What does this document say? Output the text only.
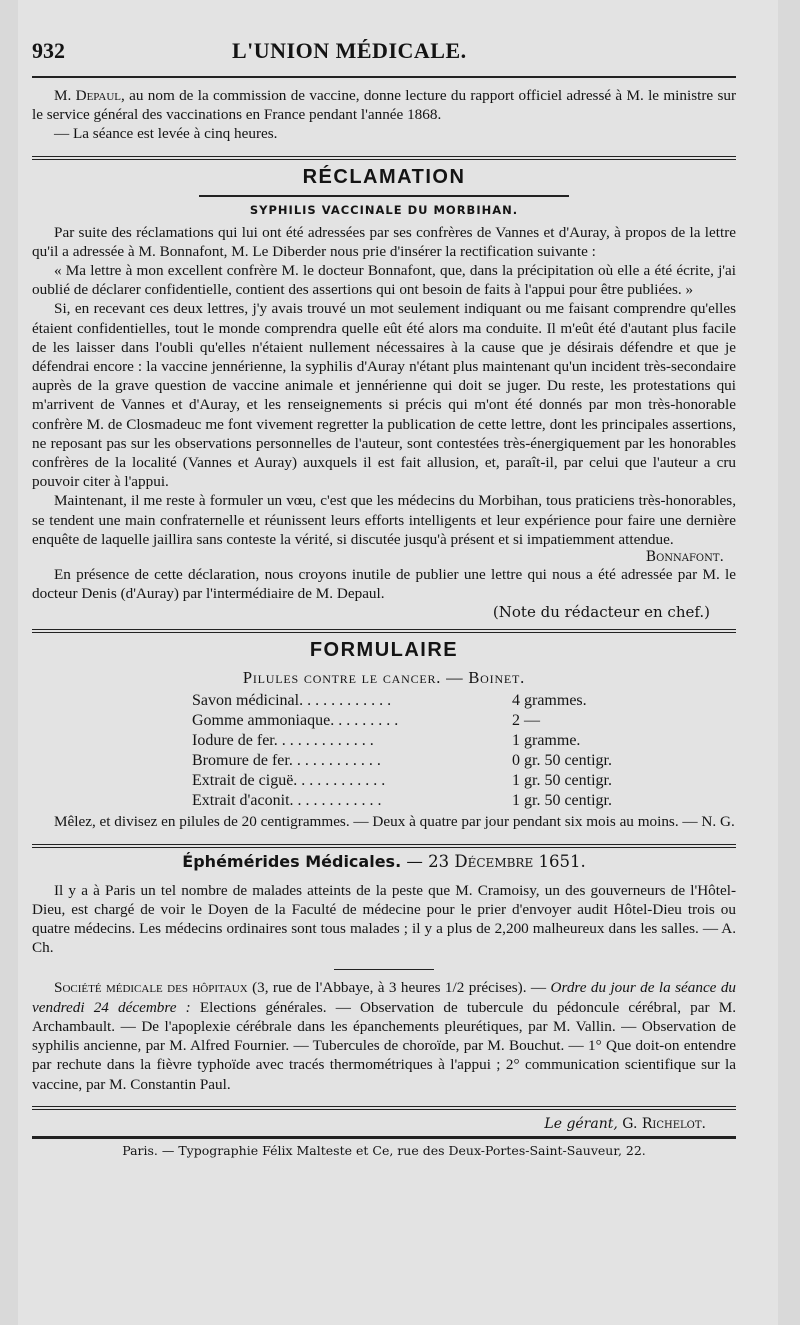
932	L'UNION MÉDICALE.

M. Depaul, au nom de la commission de vaccine, donne lecture du rapport officiel adressé à M. le ministre sur le service général des vaccinations en France pendant l'année 1868.

— La séance est levée à cinq heures.

RÉCLAMATION
SYPHILIS VACCINALE DU MORBIHAN.

Par suite des réclamations qui lui ont été adressées par ses confrères de Vannes et d'Auray, à propos de la lettre qu'il a adressée à M. Bonnafont, M. Le Diberder nous prie d'insérer la rectification suivante :

« Ma lettre à mon excellent confrère M. le docteur Bonnafont, que, dans la précipitation où elle a été écrite, j'ai oublié de déclarer confidentielle, contient des assertions qui ont besoin de faits à l'appui pour être publiées. »

Si, en recevant ces deux lettres, j'y avais trouvé un mot seulement indiquant ou me faisant comprendre qu'elles étaient confidentielles, tout le monde comprendra quelle eût été alors ma conduite. Il m'eût été d'autant plus facile de les laisser dans l'oubli qu'elles n'étaient nullement nécessaires à la cause que je désirais défendre et que je défendrai encore : la vaccine jennérienne, la syphilis d'Auray n'étant plus maintenant qu'un incident très-secondaire auprès de la grave question de vaccine animale et jennérienne qui doit se juger. Du reste, les protestations qui m'arrivent de Vannes et d'Auray, et les renseignements si précis qui m'ont été donnés par mon très-honorable confrère M. de Closmadeuc me font vivement regretter la publication de cette lettre, dont les principales assertions, ne reposant pas sur les observations personnelles de l'auteur, sont contestées très-énergiquement par les honorables confrères de la localité (Vannes et Auray) auxquels il est fait allusion, et, paraît-il, par celui que l'auteur a cru pouvoir citer à l'appui.

Maintenant, il me reste à formuler un vœu, c'est que les médecins du Morbihan, tous praticiens très-honorables, se tendent une main confraternelle et réunissent leurs efforts intelligents et leur expérience pour faire une dernière enquête de laquelle jaillira sans conteste la vérité, si discutée jusqu'à présent et si impatiemment attendue.

Bonnafont.

En présence de cette déclaration, nous croyons inutile de publier une lettre qui nous a été adressée par M. le docteur Denis (d'Auray) par l'intermédiaire de M. Depaul.

(Note du rédacteur en chef.)
FORMULAIRE
Pilules contre le cancer. — Boinet.
Savon médicinal. . . . . . . . . . . .	4 grammes.
Gomme ammoniaque. . . . . . . . .	2 —
Iodure de fer. . . . . . . . . . . . .	1 gramme.
Bromure de fer. . . . . . . . . . . .	0 gr. 50 centigr.
Extrait de ciguë. . . . . . . . . . . .	1 gr. 50 centigr.
Extrait d'aconit. . . . . . . . . . . .	1 gr. 50 centigr.

Mêlez, et divisez en pilules de 20 centigrammes. — Deux à quatre par jour pendant six mois au moins. — N. G.

Éphémérides Médicales. — 23 Décembre 1651.

Il y a à Paris un tel nombre de malades atteints de la peste que M. Cramoisy, un des gouverneurs de l'Hôtel-Dieu, est chargé de voir le Doyen de la Faculté de médecine pour le prier d'envoyer audit Hôtel-Dieu trois ou quatre médecins. Les médecins ordinaires sont tous malades ; il y a plus de 2,200 malheureux dans les salles. — A. Ch.

Société médicale des hôpitaux (3, rue de l'Abbaye, à 3 heures 1/2 précises). — Ordre du jour de la séance du vendredi 24 décembre : Elections générales. — Observation de tubercule du pédoncule cérébral, par M. Archambault. — De l'apoplexie cérébrale dans les épanchements pleurétiques, par M. Vallin. — Observation de syphilis ancienne, par M. Alfred Fournier. — Tubercules de choroïde, par M. Bouchut. — 1° Que doit-on entendre par rechute dans la fièvre typhoïde avec tracés thermométriques à l'appui ; 2° communication scientifique sur la vaccine, par M. Constantin Paul.

Le gérant, G. Richelot.
Paris. — Typographie Félix Malteste et Ce, rue des Deux-Portes-Saint-Sauveur, 22.
